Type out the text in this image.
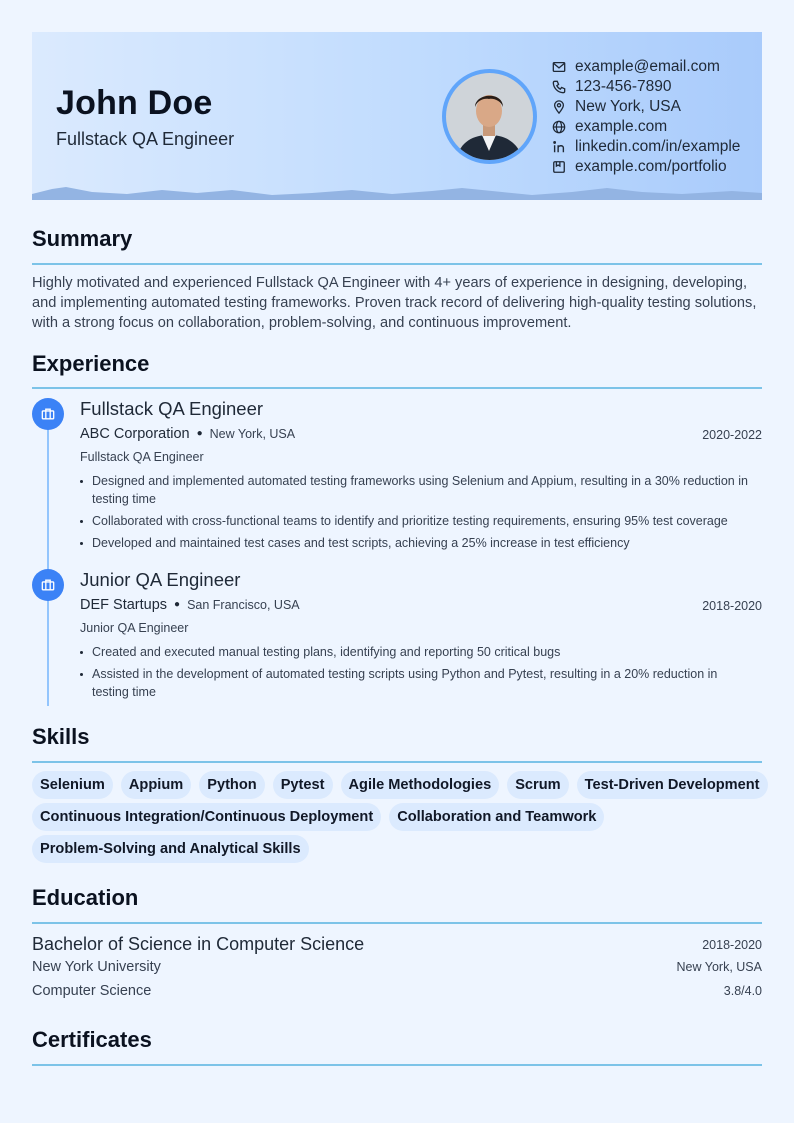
John Doe
Fullstack QA Engineer
example@email.com
123-456-7890
New York, USA
example.com
linkedin.com/in/example
example.com/portfolio
Summary
Highly motivated and experienced Fullstack QA Engineer with 4+ years of experience in designing, developing, and implementing automated testing frameworks. Proven track record of delivering high-quality testing solutions, with a strong focus on collaboration, problem-solving, and continuous improvement.
Experience
Fullstack QA Engineer
ABC Corporation ● New York, USA	2020-2022
Fullstack QA Engineer
Designed and implemented automated testing frameworks using Selenium and Appium, resulting in a 30% reduction in testing time
Collaborated with cross-functional teams to identify and prioritize testing requirements, ensuring 95% test coverage
Developed and maintained test cases and test scripts, achieving a 25% increase in test efficiency
Junior QA Engineer
DEF Startups ● San Francisco, USA	2018-2020
Junior QA Engineer
Created and executed manual testing plans, identifying and reporting 50 critical bugs
Assisted in the development of automated testing scripts using Python and Pytest, resulting in a 20% reduction in testing time
Skills
Selenium	Appium	Python	Pytest	Agile Methodologies	Scrum	Test-Driven Development
Continuous Integration/Continuous Deployment	Collaboration and Teamwork
Problem-Solving and Analytical Skills
Education
Bachelor of Science in Computer Science	2018-2020
New York University	New York, USA
Computer Science	3.8/4.0
Certificates
